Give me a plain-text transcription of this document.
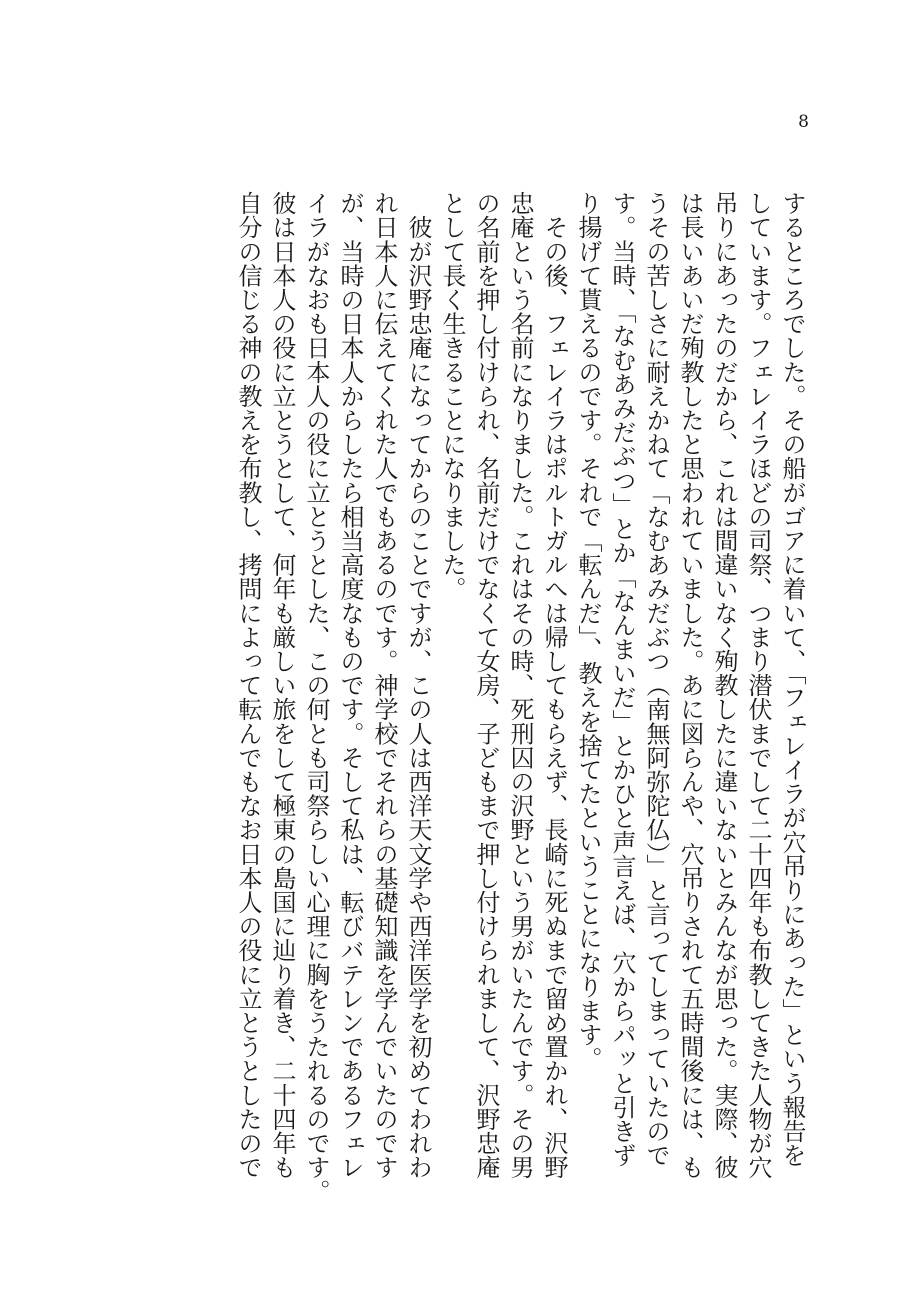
8
するところでした。その船がゴアに着いて、「フェレイラが穴吊りにあった」という報告を
しています。フェレイラほどの司祭、つまり潜伏までして二十四年も布教してきた人物が穴
吊りにあったのだから、これは間違いなく殉教したに違いないとみんなが思った。実際、彼
は長いあいだ殉教したと思われていました。あに図らんや、穴吊りされて五時間後には、も
うその苦しさに耐えかねて「なむあみだぶつ（南無阿弥陀仏）」と言ってしまっていたので
す。当時、「なむあみだぶつ」とか「なんまいだ」とかひと声言えば、穴からパッと引きず
り揚げて貰えるのです。それで「転んだ」、教えを捨てたということになります。
　その後、フェレイラはポルトガルへは帰してもらえず、長崎に死ぬまで留め置かれ、沢野
忠庵という名前になりました。これはその時、死刑囚の沢野という男がいたんです。その男
の名前を押し付けられ、名前だけでなくて女房、子どもまで押し付けられまして、沢野忠庵
として長く生きることになりました。
　彼が沢野忠庵になってからのことですが、この人は西洋天文学や西洋医学を初めてわれわ
れ日本人に伝えてくれた人でもあるのです。神学校でそれらの基礎知識を学んでいたのです
が、当時の日本人からしたら相当高度なものです。そして私は、転びバテレンであるフェレ
イラがなおも日本人の役に立とうとした、この何とも司祭らしい心理に胸をうたれるのです。
彼は日本人の役に立とうとして、何年も厳しい旅をして極東の島国に辿り着き、二十四年も
自分の信じる神の教えを布教し、拷問によって転んでもなお日本人の役に立とうとしたので
